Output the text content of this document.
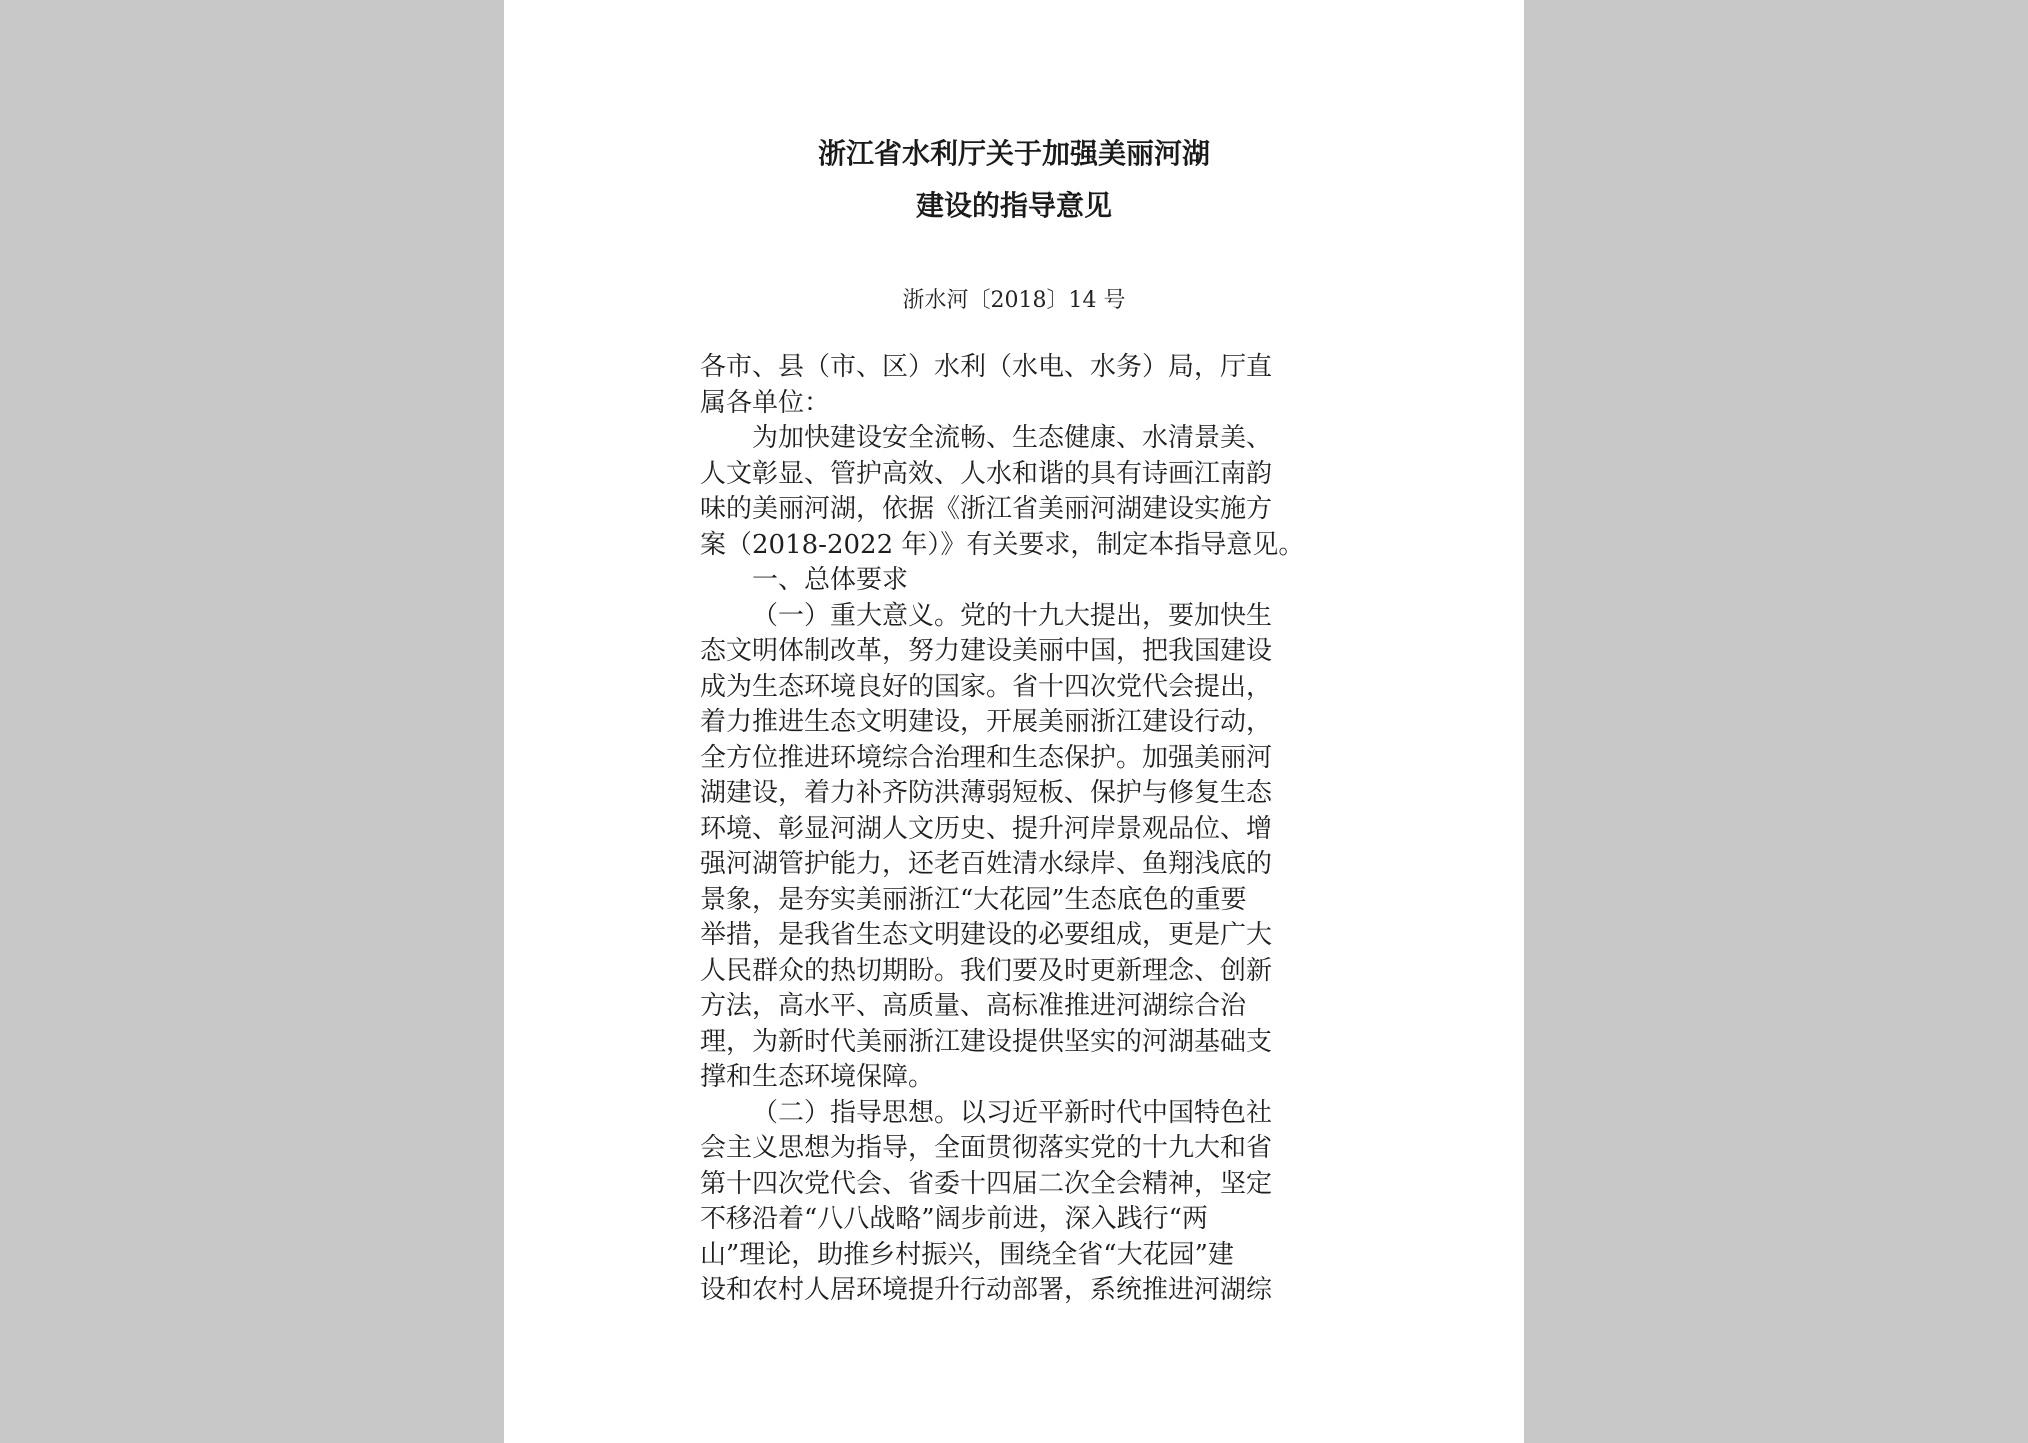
浙江省水利厅关于加强美丽河湖
建设的指导意见
浙水河〔2018〕14 号
各市、县（市、区）水利（水电、水务）局，厅直
属各单位：
为加快建设安全流畅、生态健康、水清景美、
人文彰显、管护高效、人水和谐的具有诗画江南韵
味的美丽河湖，依据《浙江省美丽河湖建设实施方
案（2018-2022 年）》有关要求，制定本指导意见。
一、总体要求
（一）重大意义。党的十九大提出，要加快生
态文明体制改革，努力建设美丽中国，把我国建设
成为生态环境良好的国家。省十四次党代会提出，
着力推进生态文明建设，开展美丽浙江建设行动，
全方位推进环境综合治理和生态保护。加强美丽河
湖建设，着力补齐防洪薄弱短板、保护与修复生态
环境、彰显河湖人文历史、提升河岸景观品位、增
强河湖管护能力，还老百姓清水绿岸、鱼翔浅底的
景象，是夯实美丽浙江“大花园”生态底色的重要
举措，是我省生态文明建设的必要组成，更是广大
人民群众的热切期盼。我们要及时更新理念、创新
方法，高水平、高质量、高标准推进河湖综合治
理，为新时代美丽浙江建设提供坚实的河湖基础支
撑和生态环境保障。
（二）指导思想。以习近平新时代中国特色社
会主义思想为指导，全面贯彻落实党的十九大和省
第十四次党代会、省委十四届二次全会精神，坚定
不移沿着“八八战略”阔步前进，深入践行“两
山”理论，助推乡村振兴，围绕全省“大花园”建
设和农村人居环境提升行动部署，系统推进河湖综
